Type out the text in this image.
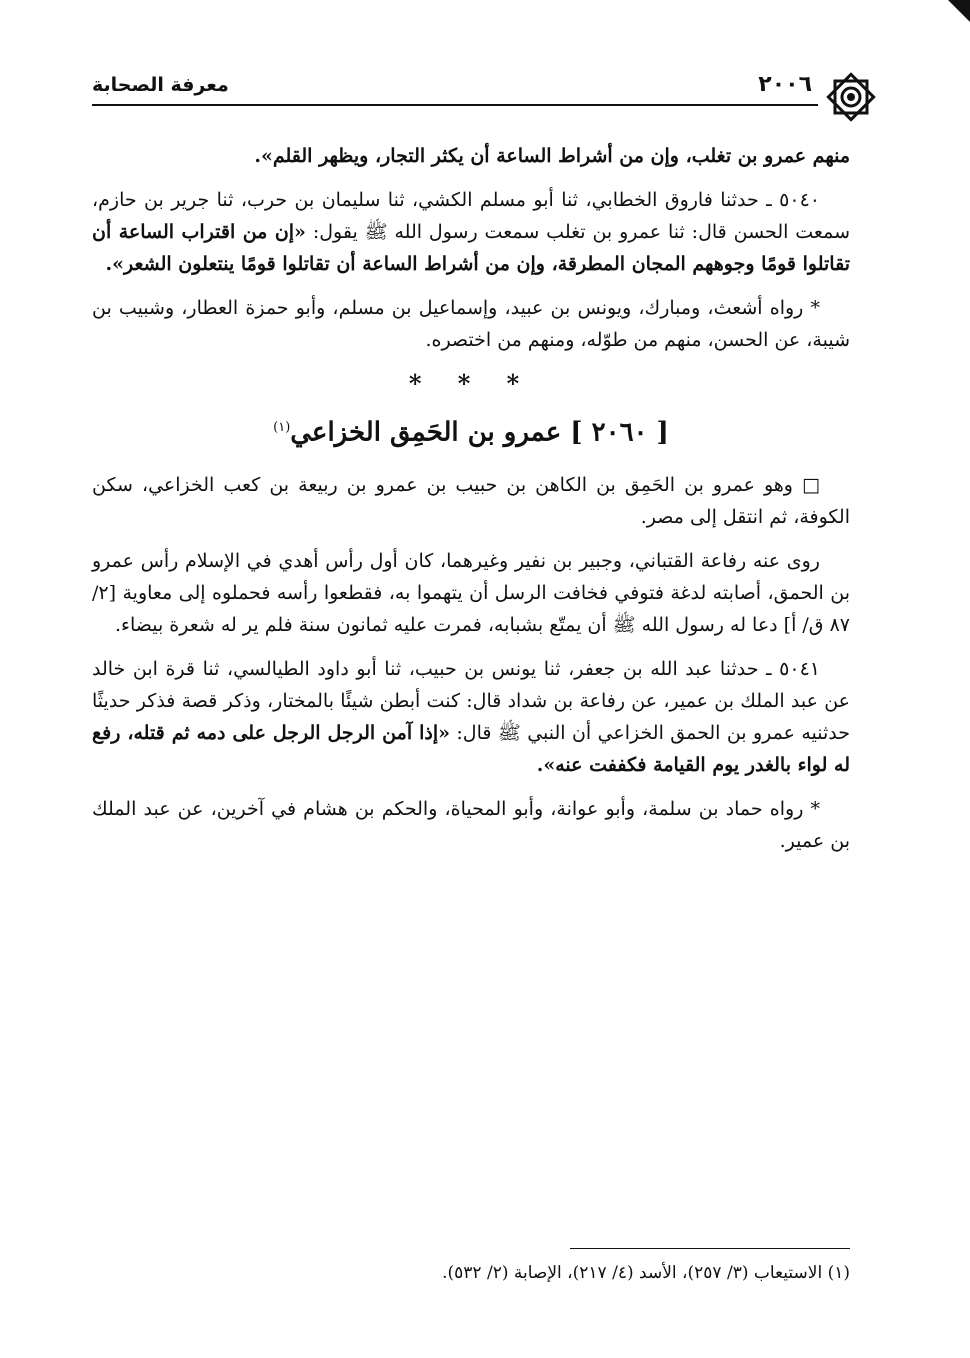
٢٠٠٦
معرفة الصحابة

منهم عمرو بن تغلب، وإن من أشراط الساعة أن يكثر التجار، ويظهر القلم».

٥٠٤٠ ـ حدثنا فاروق الخطابي، ثنا أبو مسلم الكشي، ثنا سليمان بن حرب، ثنا جرير بن حازم، سمعت الحسن قال: ثنا عمرو بن تغلب سمعت رسول الله ﷺ يقول: «إن من اقتراب الساعة أن تقاتلوا قومًا وجوههم المجان المطرقة، وإن من أشراط الساعة أن تقاتلوا قومًا ينتعلون الشعر».

* رواه أشعث، ومبارك، ويونس بن عبيد، وإسماعيل بن مسلم، وأبو حمزة العطار، وشبيب بن شيبة، عن الحسن، منهم من طوّله، ومنهم من اختصره.

* * *
[ ٢٠٦٠ ] عمرو بن الحَمِق الخزاعي$^{(١)}$

□ وهو عمرو بن الحَمِق بن الكاهن بن حبيب بن عمرو بن ربيعة بن كعب الخزاعي، سكن الكوفة، ثم انتقل إلى مصر.

روى عنه رفاعة القتباني، وجبير بن نفير وغيرهما، كان أول رأس أهدي في الإسلام رأس عمرو بن الحمق، أصابته لدغة فتوفي فخافت الرسل أن يتهموا به، فقطعوا رأسه فحملوه إلى معاوية [٢/ ٨٧ ق/ أ] دعا له رسول الله ﷺ أن يمتّع بشبابه، فمرت عليه ثمانون سنة فلم ير له شعرة بيضاء.

٥٠٤١ ـ حدثنا عبد الله بن جعفر، ثنا يونس بن حبيب، ثنا أبو داود الطيالسي، ثنا قرة ابن خالد عن عبد الملك بن عمير، عن رفاعة بن شداد قال: كنت أبطن شيئًا بالمختار، وذكر قصة فذكر حديثًا حدثنيه عمرو بن الحمق الخزاعي أن النبي ﷺ قال: «إذا آمن الرجل الرجل على دمه ثم قتله، رفع له لواء بالغدر يوم القيامة فكففت عنه».

* رواه حماد بن سلمة، وأبو عوانة، وأبو المحياة، والحكم بن هشام في آخرين، عن عبد الملك بن عمير.

(١) الاستيعاب (٣/ ٢٥٧)، الأسد (٤/ ٢١٧)، الإصابة (٢/ ٥٣٢).
